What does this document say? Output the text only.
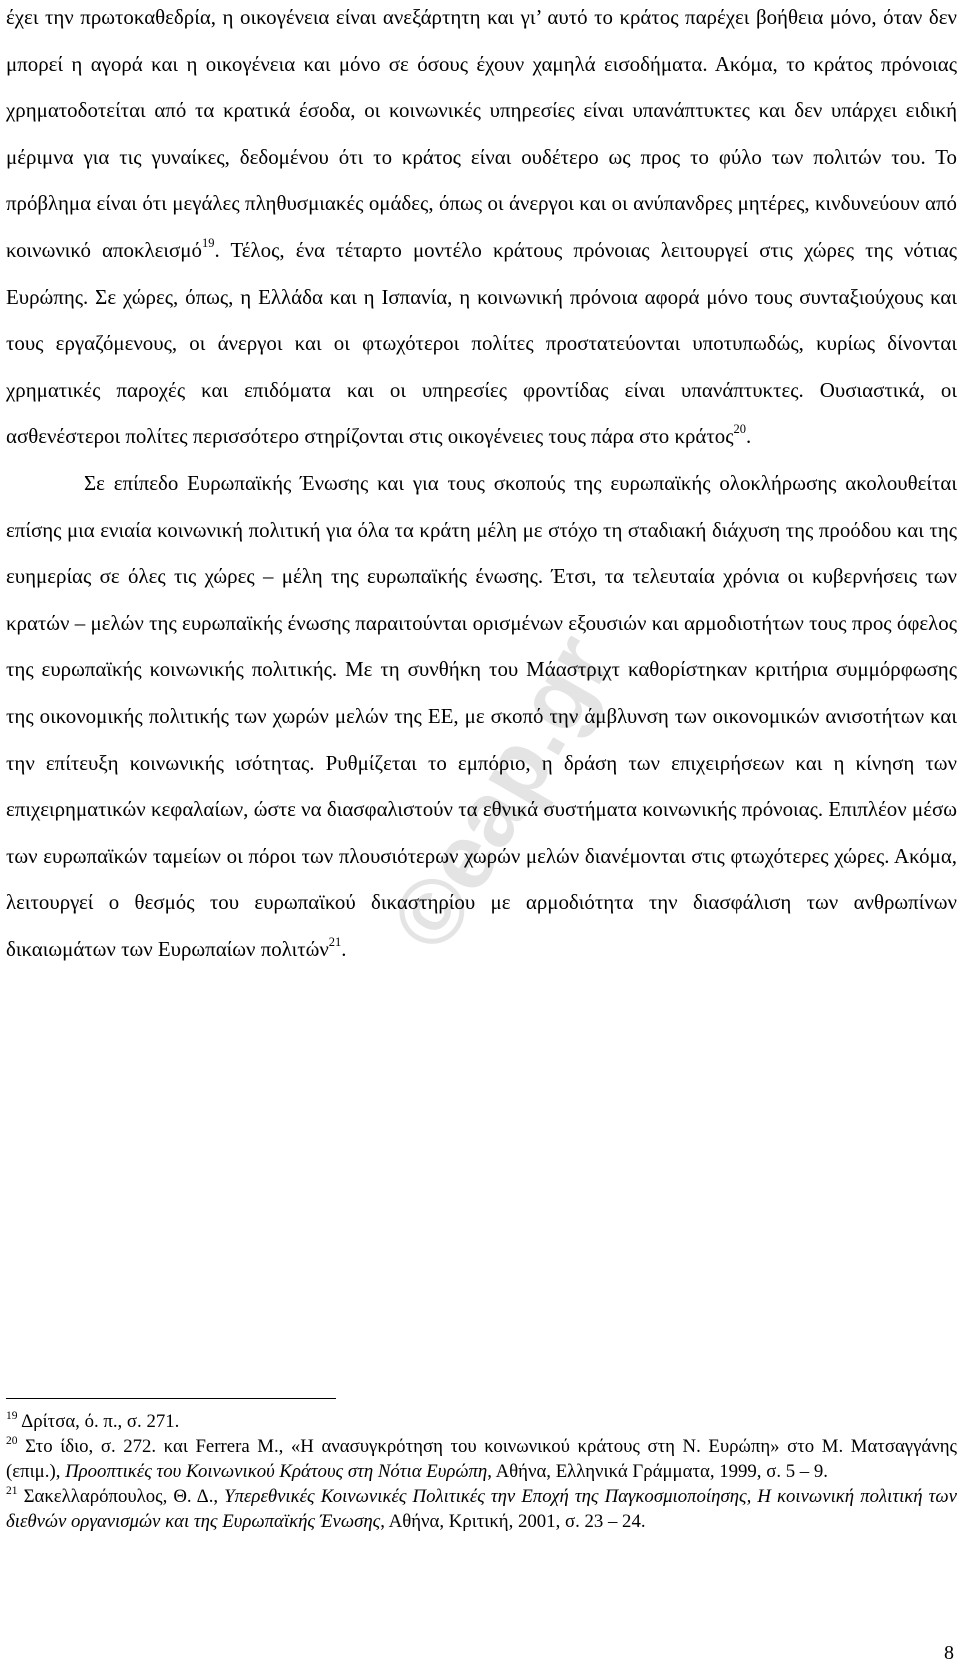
έχει την πρωτοκαθεδρία, η οικογένεια είναι ανεξάρτητη και γι’ αυτό το κράτος παρέχει βοήθεια μόνο, όταν δεν μπορεί η αγορά και η οικογένεια και μόνο σε όσους έχουν χαμηλά εισοδήματα. Ακόμα, το κράτος πρόνοιας χρηματοδοτείται από τα κρατικά έσοδα, οι κοινωνικές υπηρεσίες είναι υπανάπτυκτες και δεν υπάρχει ειδική μέριμνα για τις γυναίκες, δεδομένου ότι το κράτος είναι ουδέτερο ως προς το φύλο των πολιτών του. Το πρόβλημα είναι ότι μεγάλες πληθυσμιακές ομάδες, όπως οι άνεργοι και οι ανύπανδρες μητέρες, κινδυνεύουν από κοινωνικό αποκλεισμό$^{19}$. Τέλος, ένα τέταρτο μοντέλο κράτους πρόνοιας λειτουργεί στις χώρες της νότιας Ευρώπης. Σε χώρες, όπως, η Ελλάδα και η Ισπανία, η κοινωνική πρόνοια αφορά μόνο τους συνταξιούχους και τους εργαζόμενους, οι άνεργοι και οι φτωχότεροι πολίτες προστατεύονται υποτυπωδώς, κυρίως δίνονται χρηματικές παροχές και επιδόματα και οι υπηρεσίες φροντίδας είναι υπανάπτυκτες. Ουσιαστικά, οι ασθενέστεροι πολίτες περισσότερο στηρίζονται στις οικογένειες τους πάρα στο κράτος$^{20}$.

Σε επίπεδο Ευρωπαϊκής Ένωσης και για τους σκοπούς της ευρωπαϊκής ολοκλήρωσης ακολουθείται επίσης μια ενιαία κοινωνική πολιτική για όλα τα κράτη μέλη με στόχο τη σταδιακή διάχυση της προόδου και της ευημερίας σε όλες τις χώρες – μέλη της ευρωπαϊκής ένωσης. Έτσι, τα τελευταία χρόνια οι κυβερνήσεις των κρατών – μελών της ευρωπαϊκής ένωσης παραιτούνται ορισμένων εξουσιών και αρμοδιοτήτων τους προς όφελος της ευρωπαϊκής κοινωνικής πολιτικής. Με τη συνθήκη του Μάαστριχτ καθορίστηκαν κριτήρια συμμόρφωσης της οικονομικής πολιτικής των χωρών μελών της ΕΕ, με σκοπό την άμβλυνση των οικονομικών ανισοτήτων και την επίτευξη κοινωνικής ισότητας. Ρυθμίζεται το εμπόριο, η δράση των επιχειρήσεων και η κίνηση των επιχειρηματικών κεφαλαίων, ώστε να διασφαλιστούν τα εθνικά συστήματα κοινωνικής πρόνοιας. Επιπλέον μέσω των ευρωπαϊκών ταμείων οι πόροι των πλουσιότερων χωρών μελών διανέμονται στις φτωχότερες χώρες. Ακόμα, λειτουργεί ο θεσμός του ευρωπαϊκού δικαστηρίου με αρμοδιότητα την διασφάλιση των ανθρωπίνων δικαιωμάτων των Ευρωπαίων πολιτών$^{21}$.

$^{19}$ Δρίτσα, ό. π., σ. 271.

$^{20}$ Στο ίδιο, σ. 272. και Ferrera M., «Η ανασυγκρότηση του κοινωνικού κράτους στη Ν. Ευρώπη» στο Μ. Ματσαγγάνης (επιμ.), Προοπτικές του Κοινωνικού Κράτους στη Νότια Ευρώπη, Αθήνα, Ελληνικά Γράμματα, 1999, σ. 5 – 9.

$^{21}$ Σακελλαρόπουλος, Θ. Δ., Υπερεθνικές Κοινωνικές Πολιτικές την Εποχή της Παγκοσμιοποίησης, Η κοινωνική πολιτική των διεθνών οργανισμών και της Ευρωπαϊκής Ένωσης, Αθήνα, Κριτική, 2001, σ. 23 – 24.

8
©eap.gr
